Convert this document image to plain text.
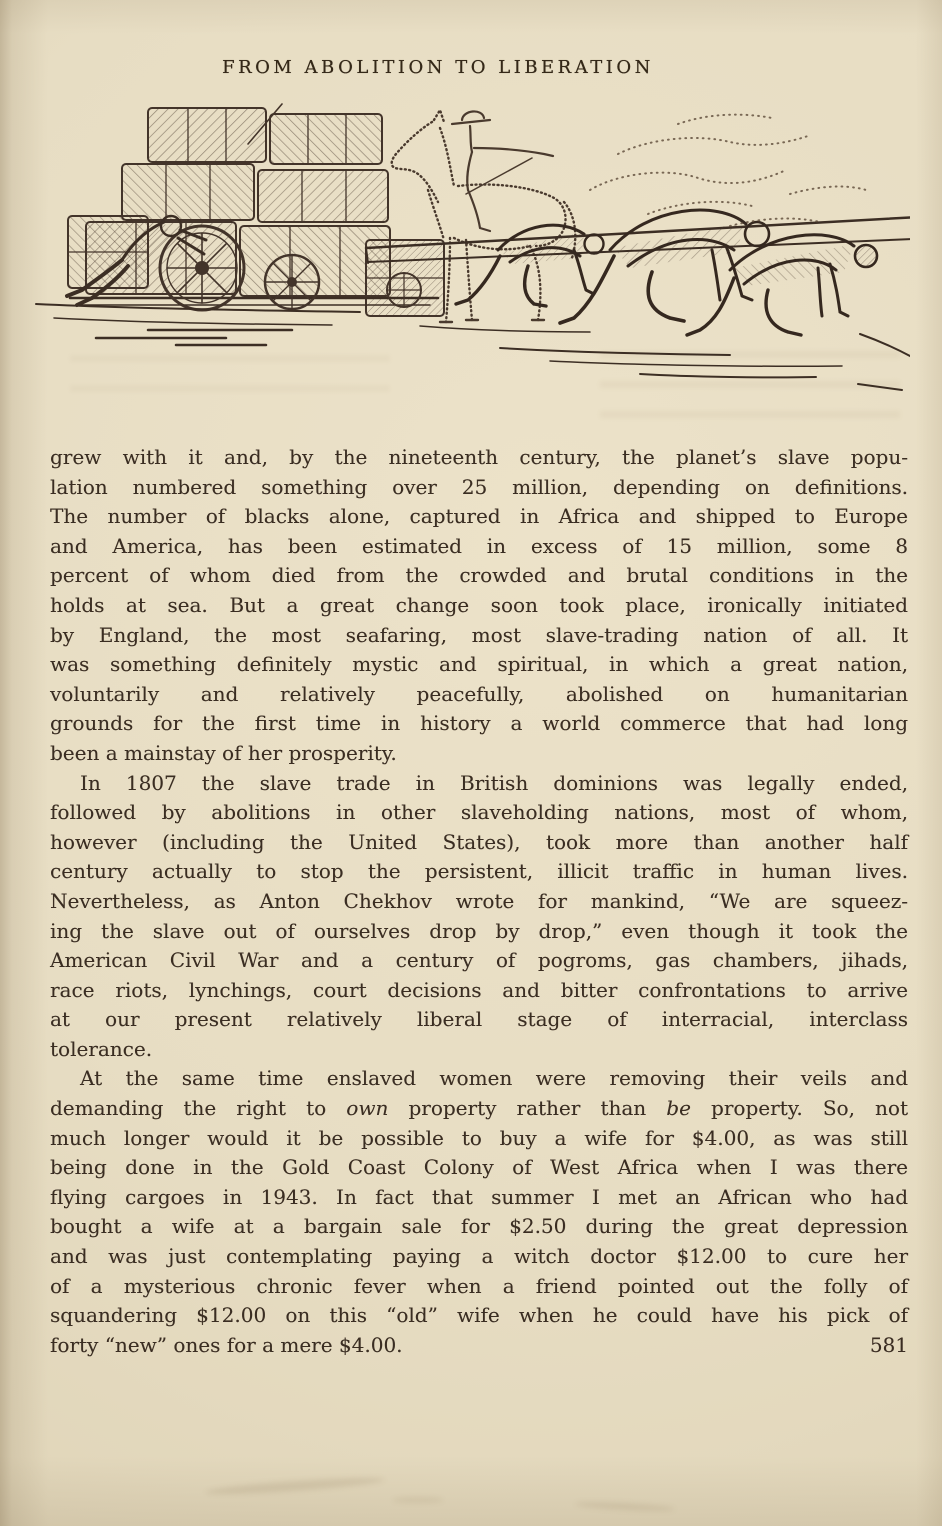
FROM ABOLITION TO LIBERATION
grew with it and, by the nineteenth century, the planet’s slave popu-
lation numbered something over 25 million, depending on definitions.
The number of blacks alone, captured in Africa and shipped to Europe
and America, has been estimated in excess of 15 million, some 8
percent of whom died from the crowded and brutal conditions in the
holds at sea. But a great change soon took place, ironically initiated
by England, the most seafaring, most slave-trading nation of all. It
was something definitely mystic and spiritual, in which a great nation,
voluntarily and relatively peacefully, abolished on humanitarian
grounds for the first time in history a world commerce that had long
been a mainstay of her prosperity.
In 1807 the slave trade in British dominions was legally ended,
followed by abolitions in other slaveholding nations, most of whom,
however (including the United States), took more than another half
century actually to stop the persistent, illicit traffic in human lives.
Nevertheless, as Anton Chekhov wrote for mankind, “We are squeez-
ing the slave out of ourselves drop by drop,” even though it took the
American Civil War and a century of pogroms, gas chambers, jihads,
race riots, lynchings, court decisions and bitter confrontations to arrive
at our present relatively liberal stage of interracial, interclass
tolerance.
At the same time enslaved women were removing their veils and
demanding the right to own property rather than be property. So, not
much longer would it be possible to buy a wife for $4.00, as was still
being done in the Gold Coast Colony of West Africa when I was there
flying cargoes in 1943. In fact that summer I met an African who had
bought a wife at a bargain sale for $2.50 during the great depression
and was just contemplating paying a witch doctor $12.00 to cure her
of a mysterious chronic fever when a friend pointed out the folly of
squandering $12.00 on this “old” wife when he could have his pick of
forty “new” ones for a mere $4.00.	581
